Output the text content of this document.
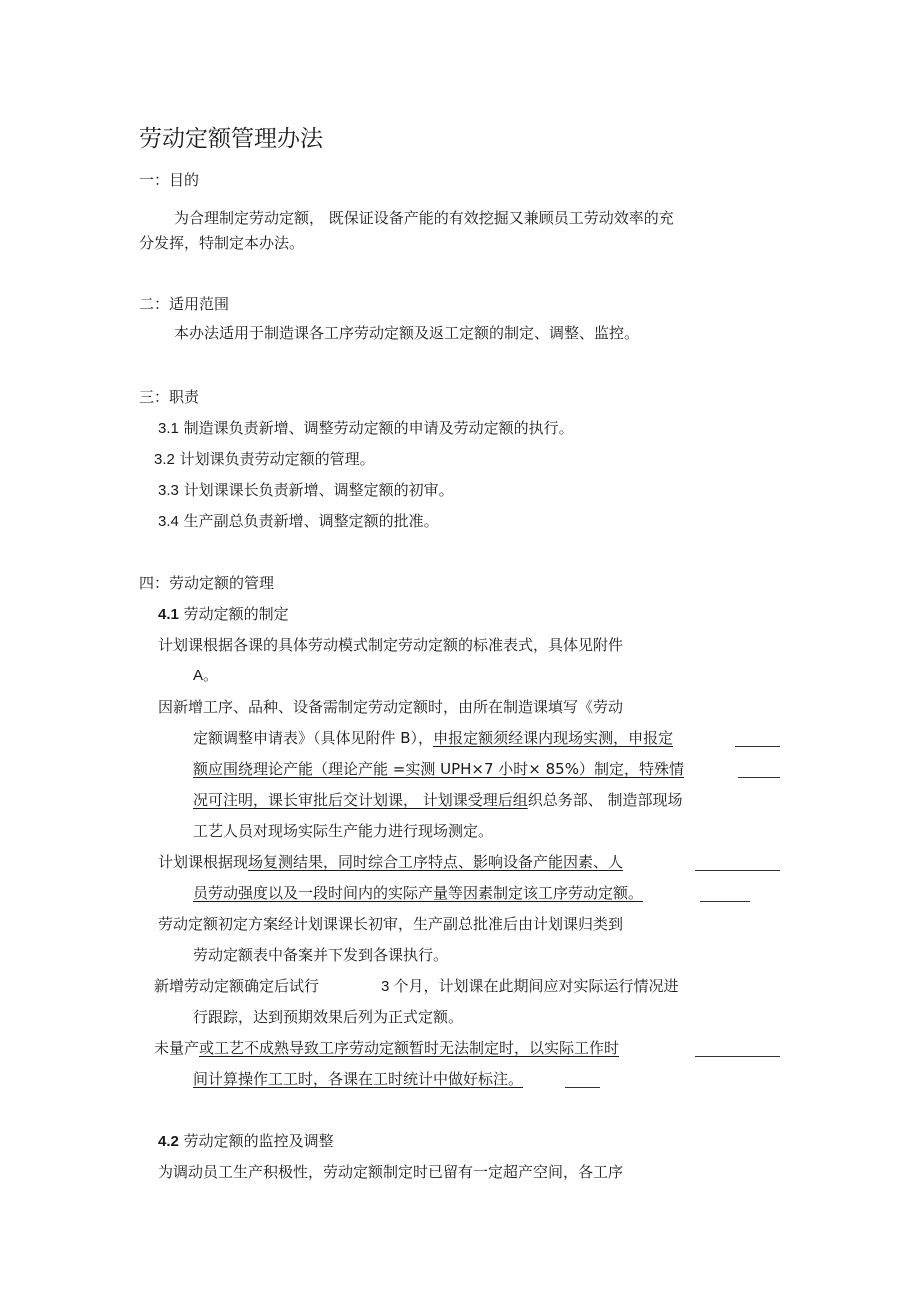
劳动定额管理办法
一：目的
为合理制定劳动定额， 既保证设备产能的有效挖掘又兼顾员工劳动效率的充
分发挥，特制定本办法。
二：适用范围
本办法适用于制造课各工序劳动定额及返工定额的制定、调整、监控。
三：职责
3.1 制造课负责新增、调整劳动定额的申请及劳动定额的执行。
3.2 计划课负责劳动定额的管理。
3.3 计划课课长负责新增、调整定额的初审。
3.4 生产副总负责新增、调整定额的批准。
四：劳动定额的管理
4.1 劳动定额的制定
计划课根据各课的具体劳动模式制定劳动定额的标准表式，具体见附件
A。
因新增工序、品种、设备需制定劳动定额时，由所在制造课填写《劳动
定额调整申请表》（具体见附件 B），申报定额须经课内现场实测，申报定
额应围绕理论产能（理论产能 =实测 UPH×7 小时× 85%）制定，特殊情
况可注明，课长审批后交计划课， 计划课受理后组织总务部、 制造部现场
工艺人员对现场实际生产能力进行现场测定。
计划课根据现场复测结果，同时综合工序特点、影响设备产能因素、人
员劳动强度以及一段时间内的实际产量等因素制定该工序劳动定额。
劳动定额初定方案经计划课课长初审，生产副总批准后由计划课归类到
劳动定额表中备案并下发到各课执行。
新增劳动定额确定后试行	3 个月，计划课在此期间应对实际运行情况进
行跟踪，达到预期效果后列为正式定额。
未量产或工艺不成熟导致工序劳动定额暂时无法制定时，以实际工作时
间计算操作工工时，各课在工时统计中做好标注。
4.2 劳动定额的监控及调整
为调动员工生产积极性，劳动定额制定时已留有一定超产空间，各工序
